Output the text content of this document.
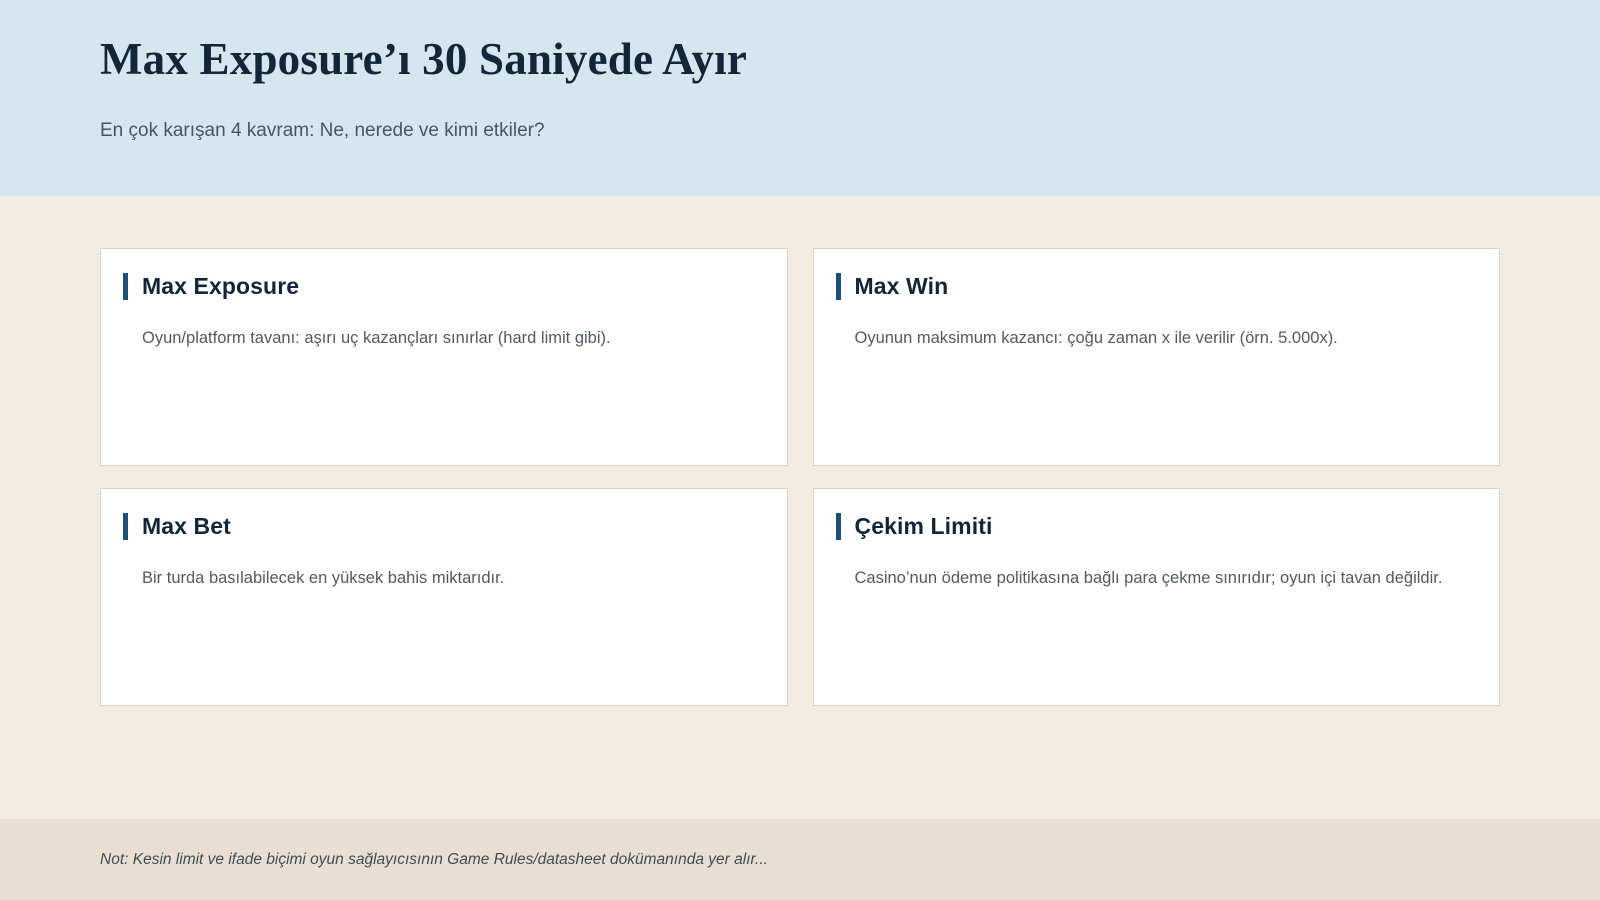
Max Exposure’ı 30 Saniyede Ayır

En çok karışan 4 kavram: Ne, nerede ve kimi etkiler?

Max Exposure
Oyun/platform tavanı: aşırı uç kazançları sınırlar (hard limit gibi).
Max Win
Oyunun maksimum kazancı: çoğu zaman x ile verilir (örn. 5.000x).
Max Bet
Bir turda basılabilecek en yüksek bahis miktarıdır.
Çekim Limiti
Casino’nun ödeme politikasına bağlı para çekme sınırıdır; oyun içi tavan değildir.
Not: Kesin limit ve ifade biçimi oyun sağlayıcısının Game Rules/datasheet dokümanında yer alır...
